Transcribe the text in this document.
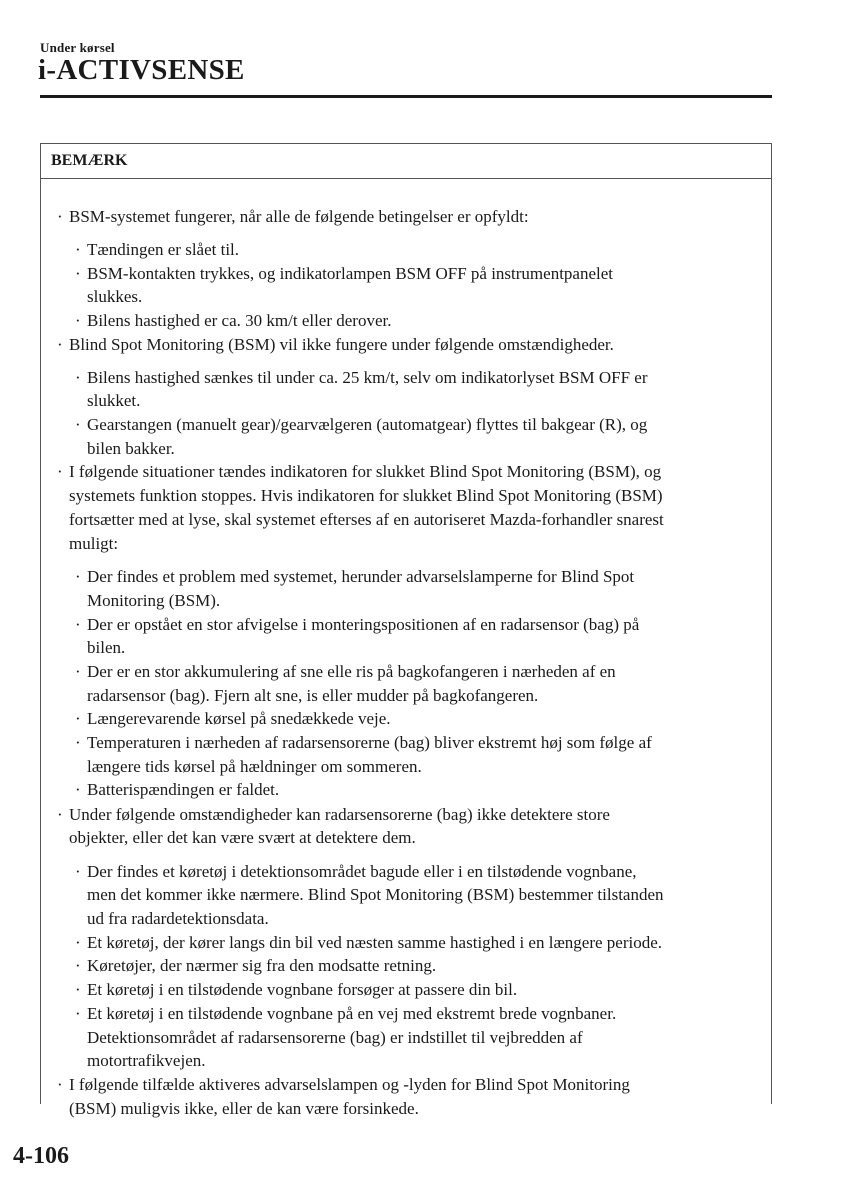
Under kørsel
i-ACTIVSENSE
BEMÆRK
· BSM-systemet fungerer, når alle de følgende betingelser er opfyldt:
· Tændingen er slået til.
· BSM-kontakten trykkes, og indikatorlampen BSM OFF på instrumentpanelet
slukkes.
· Bilens hastighed er ca. 30 km/t eller derover.
· Blind Spot Monitoring (BSM) vil ikke fungere under følgende omstændigheder.
· Bilens hastighed sænkes til under ca. 25 km/t, selv om indikatorlyset BSM OFF er
slukket.
· Gearstangen (manuelt gear)/gearvælgeren (automatgear) flyttes til bakgear (R), og
bilen bakker.
· I følgende situationer tændes indikatoren for slukket Blind Spot Monitoring (BSM), og
systemets funktion stoppes. Hvis indikatoren for slukket Blind Spot Monitoring (BSM)
fortsætter med at lyse, skal systemet efterses af en autoriseret Mazda-forhandler snarest
muligt:
· Der findes et problem med systemet, herunder advarselslamperne for Blind Spot
Monitoring (BSM).
· Der er opstået en stor afvigelse i monteringspositionen af en radarsensor (bag) på
bilen.
· Der er en stor akkumulering af sne elle ris på bagkofangeren i nærheden af en
radarsensor (bag). Fjern alt sne, is eller mudder på bagkofangeren.
· Længerevarende kørsel på snedækkede veje.
· Temperaturen i nærheden af radarsensorerne (bag) bliver ekstremt høj som følge af
længere tids kørsel på hældninger om sommeren.
· Batterispændingen er faldet.
· Under følgende omstændigheder kan radarsensorerne (bag) ikke detektere store
objekter, eller det kan være svært at detektere dem.
· Der findes et køretøj i detektionsområdet bagude eller i en tilstødende vognbane,
men det kommer ikke nærmere. Blind Spot Monitoring (BSM) bestemmer tilstanden
ud fra radardetektionsdata.
· Et køretøj, der kører langs din bil ved næsten samme hastighed i en længere periode.
· Køretøjer, der nærmer sig fra den modsatte retning.
· Et køretøj i en tilstødende vognbane forsøger at passere din bil.
· Et køretøj i en tilstødende vognbane på en vej med ekstremt brede vognbaner.
Detektionsområdet af radarsensorerne (bag) er indstillet til vejbredden af
motortrafikvejen.
· I følgende tilfælde aktiveres advarselslampen og -lyden for Blind Spot Monitoring
(BSM) muligvis ikke, eller de kan være forsinkede.
4-106
